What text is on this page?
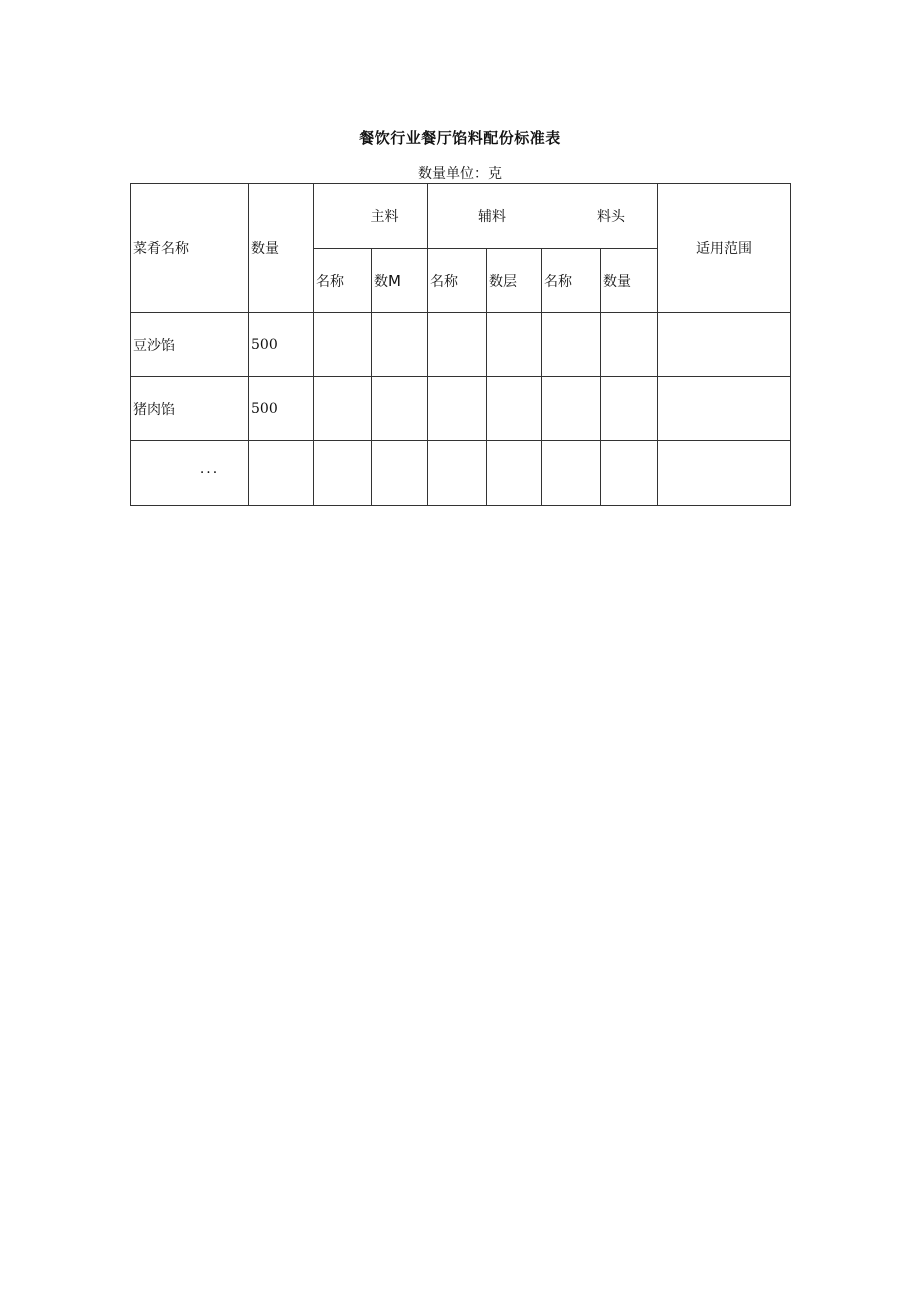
餐饮行业餐厅馅料配份标准表
数量单位：克
菜肴名称	数量	主料		辅料 料头				适用范围
		名称	数M	名称	数层	名称	数量	
豆沙馅	500							
猪肉馅	500							
···								
